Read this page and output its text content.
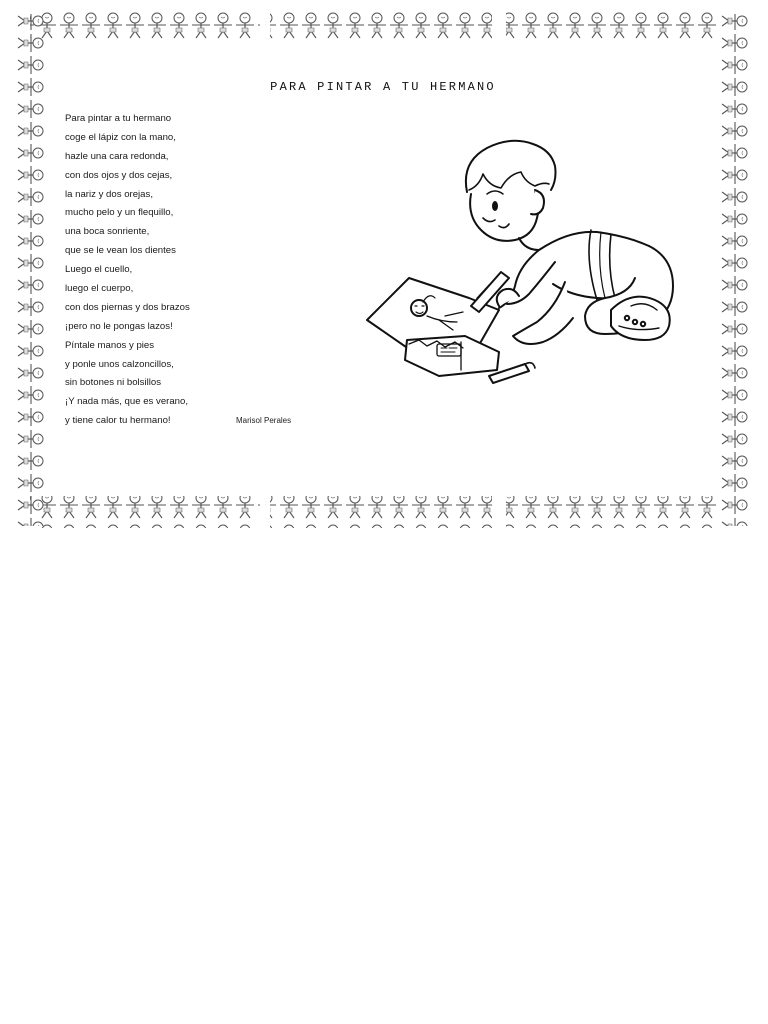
PARA PINTAR A TU HERMANO
Para pintar a tu hermano
coge el lápiz con la mano,
hazle una cara redonda,
con dos ojos y dos cejas,
la nariz y dos orejas,
mucho pelo y un flequillo,
una boca sonriente,
que se le vean los dientes
Luego el cuello,
luego el cuerpo,
con dos piernas y dos brazos
¡pero no le pongas lazos!
Píntale manos y pies
y ponle unos calzoncillos,
sin botones ni bolsillos
¡Y nada más, que es verano,
y tiene calor tu hermano!	Marisol Perales
